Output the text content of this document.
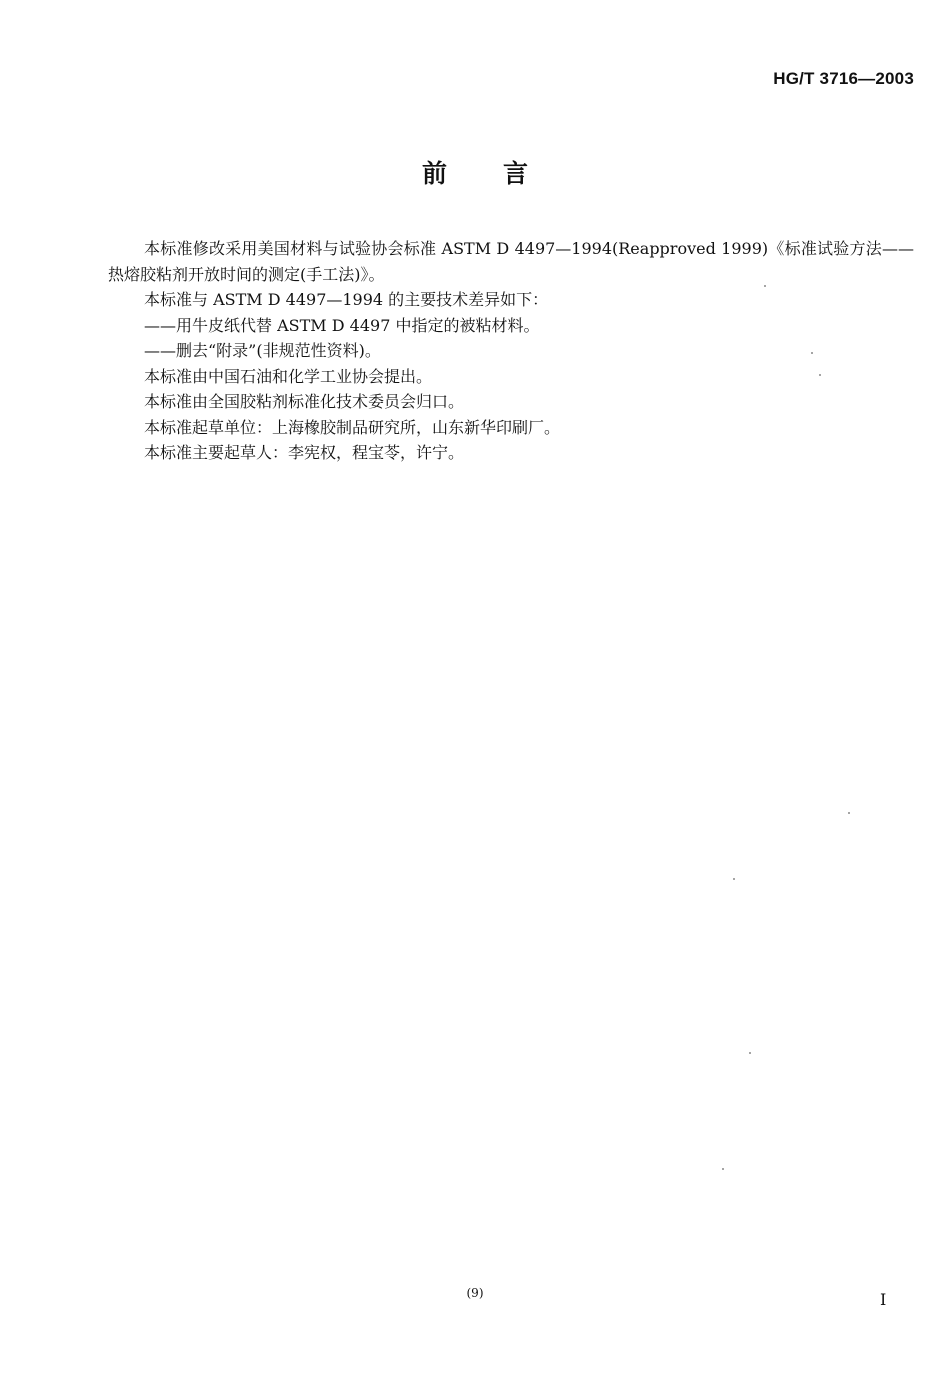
HG/T 3716—2003
前 言

本标准修改采用美国材料与试验协会标准 ASTM D 4497—1994(Reapproved 1999)《标准试验方法——热熔胶粘剂开放时间的测定(手工法)》。

本标准与 ASTM D 4497—1994 的主要技术差异如下：

——用牛皮纸代替 ASTM D 4497 中指定的被粘材料。

——删去“附录”(非规范性资料)。

本标准由中国石油和化学工业协会提出。

本标准由全国胶粘剂标准化技术委员会归口。

本标准起草单位：上海橡胶制品研究所，山东新华印刷厂。

本标准主要起草人：李宪权，程宝苓，许宁。

(9)	I
